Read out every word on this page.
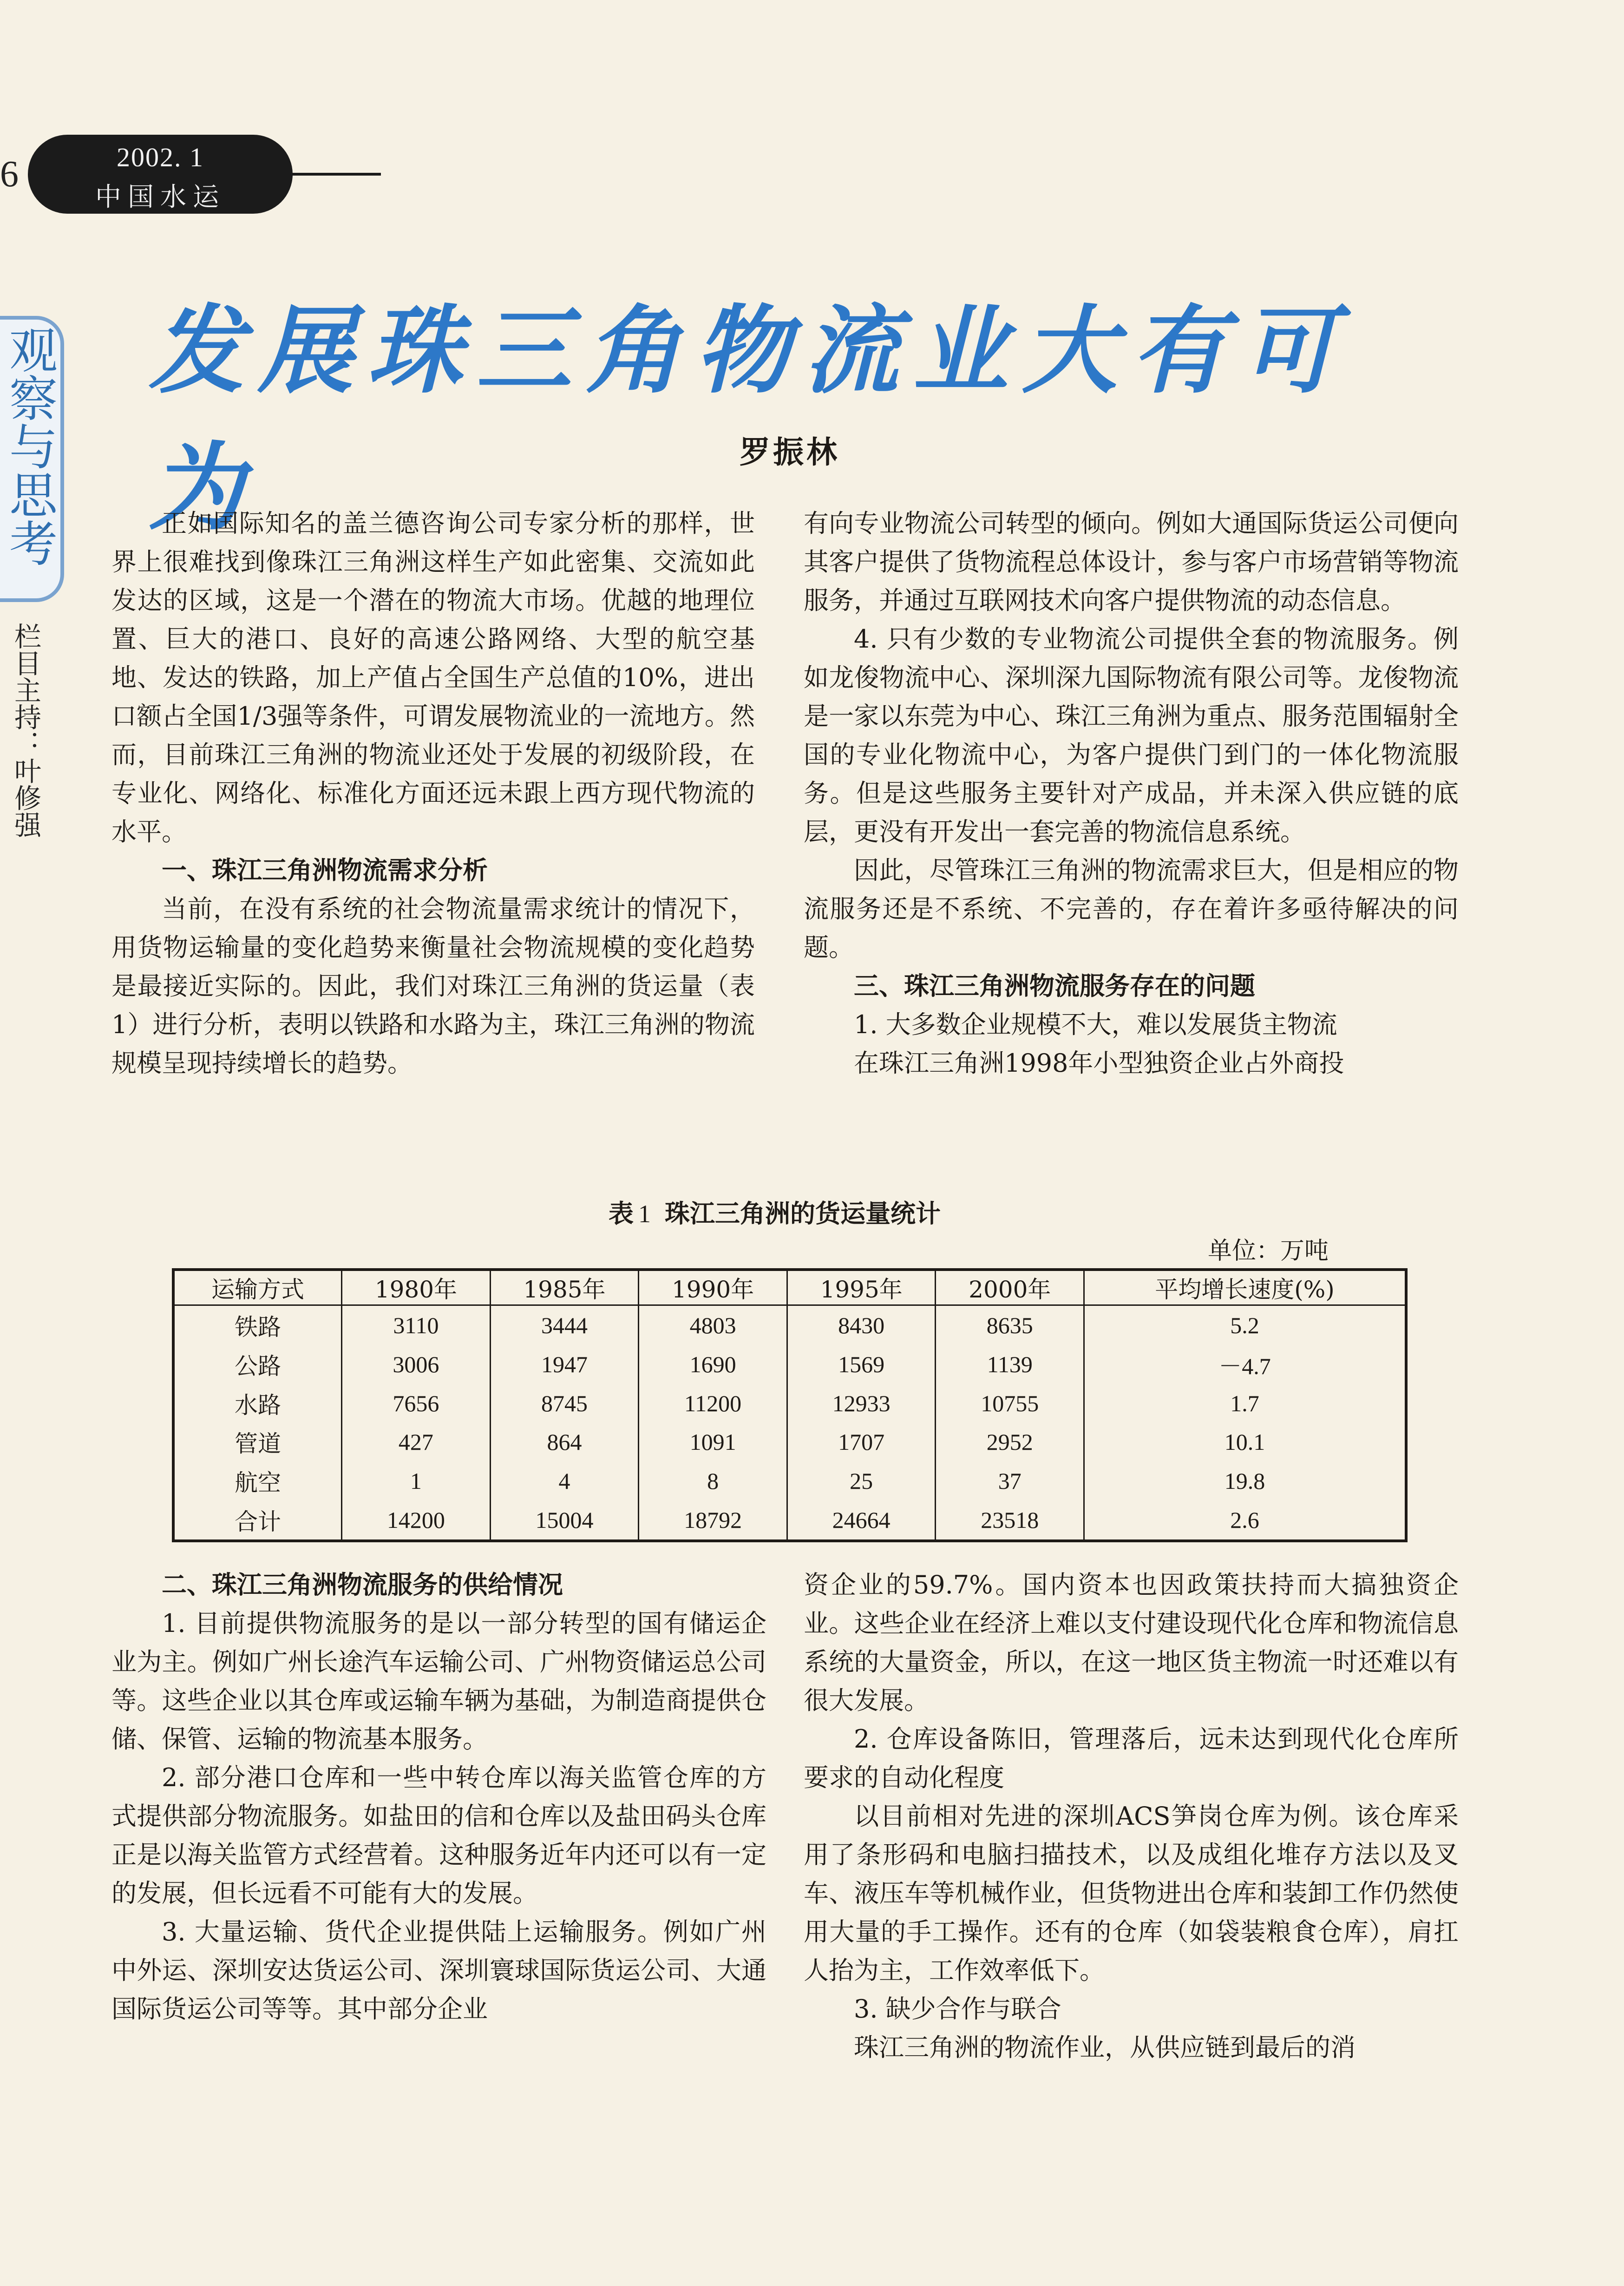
6	2002. 1
中国水运
观察与思考
栏目主持：叶修强
发展珠三角物流业大有可为	罗振林

正如国际知名的盖兰德咨询公司专家分析的那样，世界上很难找到像珠江三角洲这样生产如此密集、交流如此发达的区域，这是一个潜在的物流大市场。优越的地理位置、巨大的港口、良好的高速公路网络、大型的航空基地、发达的铁路，加上产值占全国生产总值的10%，进出口额占全国1/3强等条件，可谓发展物流业的一流地方。然而，目前珠江三角洲的物流业还处于发展的初级阶段，在专业化、网络化、标准化方面还远未跟上西方现代物流的水平。

一、珠江三角洲物流需求分析

当前，在没有系统的社会物流量需求统计的情况下，用货物运输量的变化趋势来衡量社会物流规模的变化趋势是最接近实际的。因此，我们对珠江三角洲的货运量（表1）进行分析，表明以铁路和水路为主，珠江三角洲的物流规模呈现持续增长的趋势。

有向专业物流公司转型的倾向。例如大通国际货运公司便向其客户提供了货物流程总体设计，参与客户市场营销等物流服务，并通过互联网技术向客户提供物流的动态信息。

4. 只有少数的专业物流公司提供全套的物流服务。例如龙俊物流中心、深圳深九国际物流有限公司等。龙俊物流是一家以东莞为中心、珠江三角洲为重点、服务范围辐射全国的专业化物流中心，为客户提供门到门的一体化物流服务。但是这些服务主要针对产成品，并未深入供应链的底层，更没有开发出一套完善的物流信息系统。

因此，尽管珠江三角洲的物流需求巨大，但是相应的物流服务还是不系统、不完善的，存在着许多亟待解决的问题。

三、珠江三角洲物流服务存在的问题

1. 大多数企业规模不大，难以发展货主物流

在珠江三角洲1998年小型独资企业占外商投

表 1 珠江三角洲的货运量统计
单位：万吨
运输方式	1980年	1985年	1990年	1995年	2000年	平均增长速度(%)
铁路	3110	3444	4803	8430	8635	5.2
公路	3006	1947	1690	1569	1139	－4.7
水路	7656	8745	11200	12933	10755	1.7
管道	427	864	1091	1707	2952	10.1
航空	1	4	8	25	37	19.8
合计	14200	15004	18792	24664	23518	2.6
二、珠江三角洲物流服务的供给情况

1. 目前提供物流服务的是以一部分转型的国有储运企业为主。例如广州长途汽车运输公司、广州物资储运总公司等。这些企业以其仓库或运输车辆为基础，为制造商提供仓储、保管、运输的物流基本服务。

2. 部分港口仓库和一些中转仓库以海关监管仓库的方式提供部分物流服务。如盐田的信和仓库以及盐田码头仓库正是以海关监管方式经营着。这种服务近年内还可以有一定的发展，但长远看不可能有大的发展。

3. 大量运输、货代企业提供陆上运输服务。例如广州中外运、深圳安达货运公司、深圳寰球国际货运公司、大通国际货运公司等等。其中部分企业

资企业的59.7%。国内资本也因政策扶持而大搞独资企业。这些企业在经济上难以支付建设现代化仓库和物流信息系统的大量资金，所以，在这一地区货主物流一时还难以有很大发展。

2. 仓库设备陈旧，管理落后，远未达到现代化仓库所要求的自动化程度

以目前相对先进的深圳ACS笋岗仓库为例。该仓库采用了条形码和电脑扫描技术，以及成组化堆存方法以及叉车、液压车等机械作业，但货物进出仓库和装卸工作仍然使用大量的手工操作。还有的仓库（如袋装粮食仓库），肩扛人抬为主，工作效率低下。

3. 缺少合作与联合

珠江三角洲的物流作业，从供应链到最后的消
